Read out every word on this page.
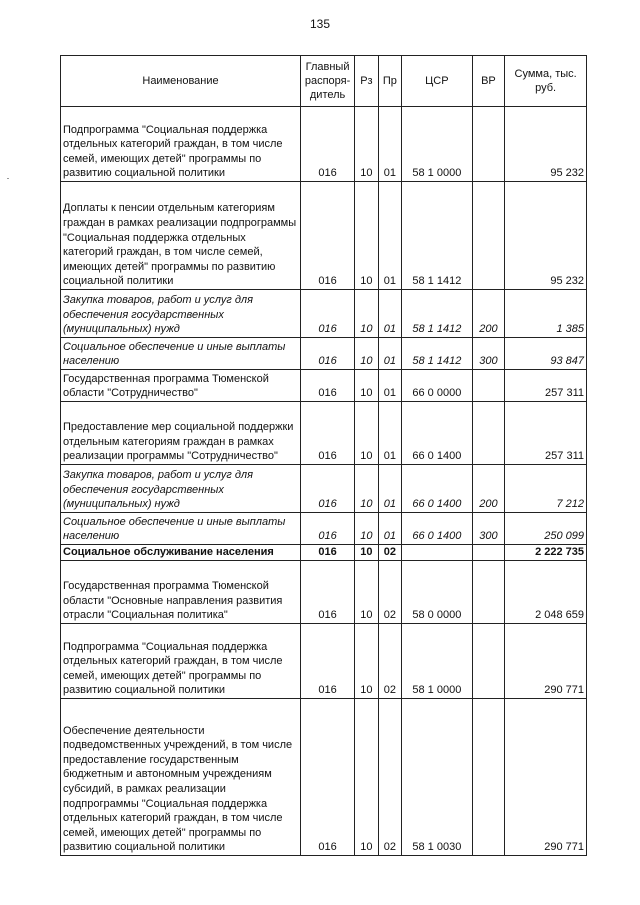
135
Наименование	Главный распоря- дитель	Рз	Пр	ЦСР	ВР	Сумма, тыс. руб.
Подпрограмма "Социальная поддержка отдельных категорий граждан, в том числе семей, имеющих детей" программы по развитию социальной политики	016	10	01	58 1 0000		95 232
Доплаты к пенсии отдельным категориям граждан в рамках реализации подпрограммы "Социальная поддержка отдельных категорий граждан, в том числе семей, имеющих детей" программы по развитию социальной политики	016	10	01	58 1 1412		95 232
Закупка товаров, работ и услуг для обеспечения государственных (муниципальных) нужд	016	10	01	58 1 1412	200	1 385
Социальное обеспечение и иные выплаты населению	016	10	01	58 1 1412	300	93 847
Государственная программа Тюменской области "Сотрудничество"	016	10	01	66 0 0000		257 311
Предоставление мер социальной поддержки отдельным категориям граждан в рамках реализации программы "Сотрудничество"	016	10	01	66 0 1400		257 311
Закупка товаров, работ и услуг для обеспечения государственных (муниципальных) нужд	016	10	01	66 0 1400	200	7 212
Социальное обеспечение и иные выплаты населению	016	10	01	66 0 1400	300	250 099
Социальное обслуживание населения	016	10	02			2 222 735
Государственная программа Тюменской области "Основные направления развития отрасли "Социальная политика"	016	10	02	58 0 0000		2 048 659
Подпрограмма "Социальная поддержка отдельных категорий граждан, в том числе семей, имеющих детей" программы по развитию социальной политики	016	10	02	58 1 0000		290 771
Обеспечение деятельности подведомственных учреждений, в том числе предоставление государственным бюджетным и автономным учреждениям субсидий, в рамках реализации подпрограммы "Социальная поддержка отдельных категорий граждан, в том числе семей, имеющих детей" программы по развитию социальной политики	016	10	02	58 1 0030		290 771
